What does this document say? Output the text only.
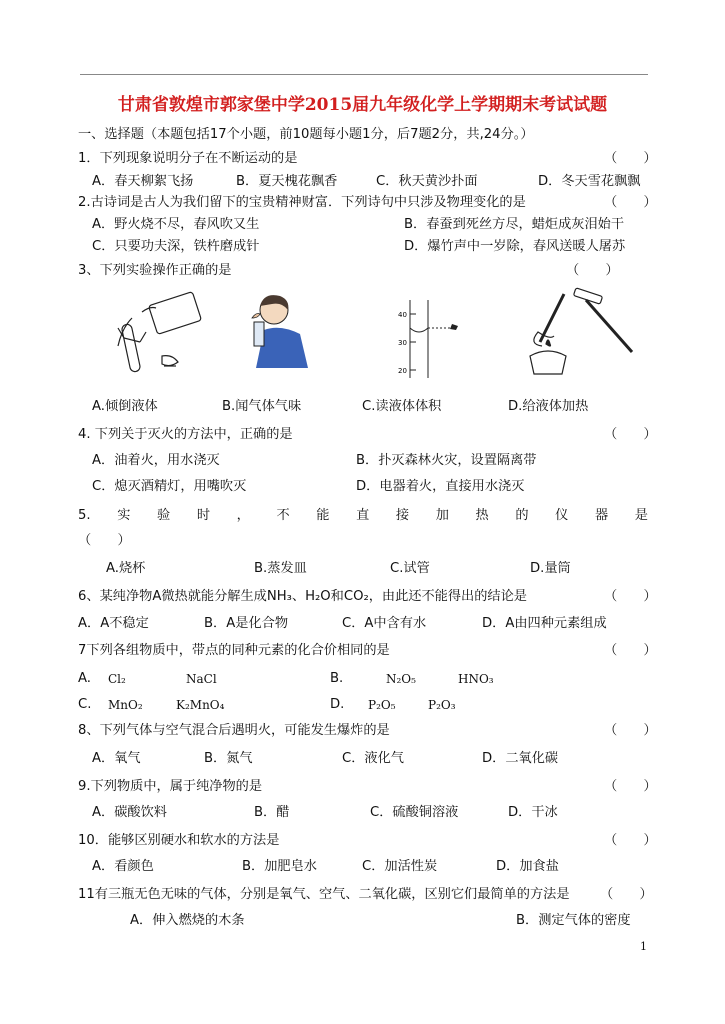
甘肃省敦煌市郭家堡中学2015届九年级化学上学期期末考试试题
一、选择题（本题包括17个小题，前10题每小题1分，后7题2分，共,24分。）
1．下列现象说明分子在不断运动的是	（　　）
A．春天柳絮飞扬	B．夏天槐花飘香	C．秋天黄沙扑面	D．冬天雪花飘飘
2.古诗词是古人为我们留下的宝贵精神财富．下列诗句中只涉及物理变化的是	（　　）
A．野火烧不尽，春风吹又生	B．春蚕到死丝方尽，蜡炬成灰泪始干
C．只要功夫深，铁杵磨成针	D．爆竹声中一岁除，春风送暖人屠苏
3、下列实验操作正确的是	（　　）
40
30
20
A.倾倒液体	B.闻气体气味	C.读液体体积	D.给液体加热
4. 下列关于灭火的方法中，正确的是	（　　）
A．油着火，用水浇灭	B．扑灭森林火灾，设置隔离带
C．熄灭酒精灯，用嘴吹灭	D．电器着火，直接用水浇灭
5. 实 验 时 ， 不 能 直 接 加 热 的 仪 器 是
（　　）
A.烧杯	B.蒸发皿	C.试管	D.量筒
6、某纯净物A微热就能分解生成NH₃、H₂O和CO₂，由此还不能得出的结论是	（　　）
A．A不稳定	B．A是化合物	C．A中含有水	D．A由四种元素组成
7下列各组物质中，带点的同种元素的化合价相同的是	（　　）
A. Cl₂	NaCl	B.	N₂O₅	HNO₃
C. MnO₂	K₂MnO₄	D. P₂O₅	P₂O₃
8、下列气体与空气混合后遇明火，可能发生爆炸的是	（　　）
A．氧气	B．氮气	C．液化气	D．二氧化碳
9.下列物质中，属于纯净物的是	（　　）
A．碳酸饮料	B．醋	C．硫酸铜溶液	D．干冰
10．能够区别硬水和软水的方法是	（　　）
A．看颜色	B．加肥皂水	C．加活性炭	D．加食盐
11有三瓶无色无味的气体，分别是氧气、空气、二氧化碳，区别它们最简单的方法是 （　　）
A．伸入燃烧的木条	B．测定气体的密度
1
